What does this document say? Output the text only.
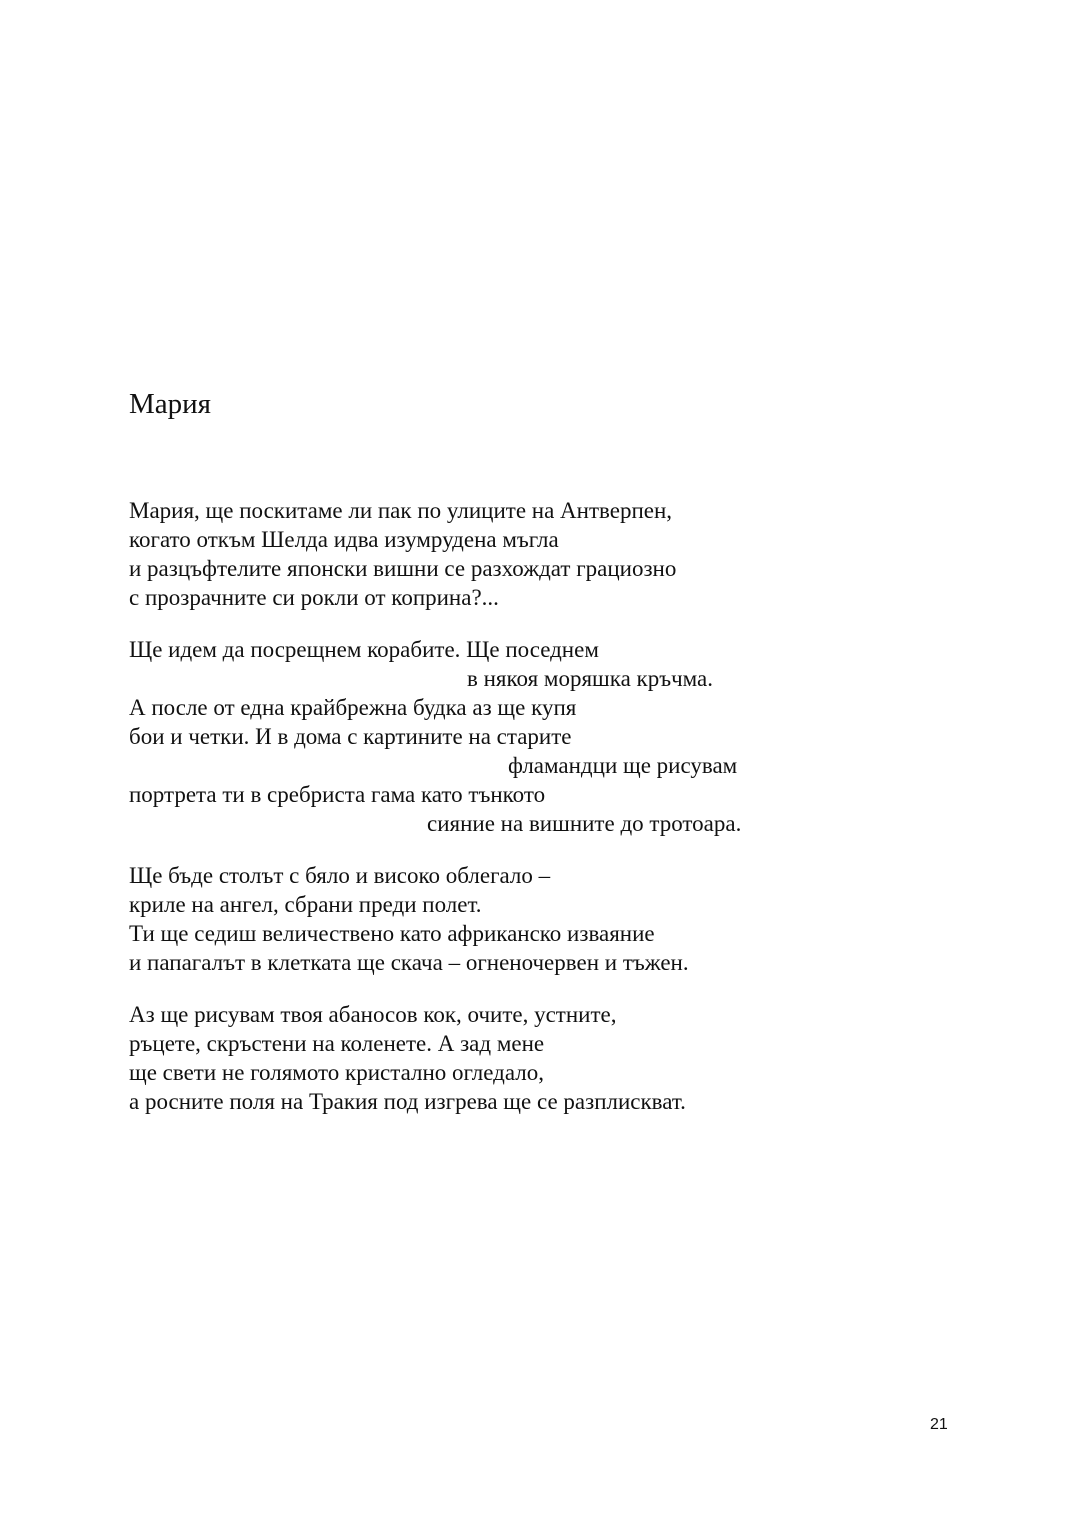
Мария

Мария, ще поскитаме ли пак по улиците на Антверпен,
когато откъм Шелда идва изумрудена мъгла
и разцъфтелите японски вишни се разхождат грациозно
с прозрачните си рокли от коприна?...

Ще идем да посрещнем корабите. Ще поседнем
в някоя моряшка кръчма.
А после от една крайбрежна будка аз ще купя
бои и четки. И в дома с картините на старите
фламандци ще рисувам
портрета ти в сребриста гама като тънкото
сияние на вишните до тротоара.

Ще бъде столът с бяло и високо облегало –
криле на ангел, сбрани преди полет.
Ти ще седиш величествено като африканско изваяние
и папагалът в клетката ще скача – огненочервен и тъжен.

Аз ще рисувам твоя абаносов кок, очите, устните,
ръцете, скръстени на коленете. А зад мене
ще свети не голямото кристално огледало,
а росните поля на Тракия под изгрева ще се разплискват.

21
